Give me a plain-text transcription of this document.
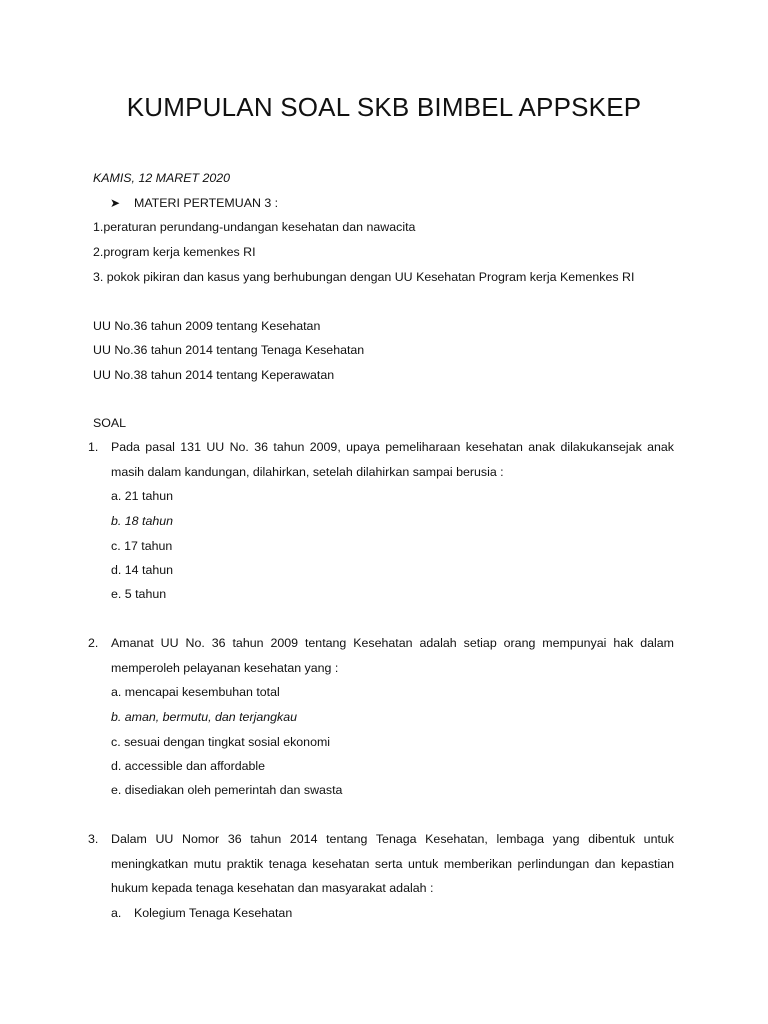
KUMPULAN SOAL SKB BIMBEL APPSKEP
KAMIS, 12 MARET 2020
➤ MATERI PERTEMUAN 3 :
1.peraturan perundang-undangan kesehatan dan nawacita
2.program kerja kemenkes RI
3. pokok pikiran dan kasus yang berhubungan dengan UU Kesehatan Program kerja Kemenkes RI
UU No.36 tahun 2009 tentang Kesehatan
UU No.36 tahun 2014 tentang Tenaga Kesehatan
UU No.38 tahun 2014 tentang Keperawatan
SOAL
1. Pada pasal 131 UU No. 36 tahun 2009, upaya pemeliharaan kesehatan anak dilakukansejak anak masih dalam kandungan, dilahirkan, setelah dilahirkan sampai berusia :
a. 21 tahun
b. 18 tahun
c. 17 tahun
d. 14 tahun
e. 5 tahun
2. Amanat UU No. 36 tahun 2009 tentang Kesehatan adalah setiap orang mempunyai hak dalam memperoleh pelayanan kesehatan yang :
a. mencapai kesembuhan total
b. aman, bermutu, dan terjangkau
c. sesuai dengan tingkat sosial ekonomi
d. accessible dan affordable
e. disediakan oleh pemerintah dan swasta
3. Dalam UU Nomor 36 tahun 2014 tentang Tenaga Kesehatan, lembaga yang dibentuk untuk meningkatkan mutu praktik tenaga kesehatan serta untuk memberikan perlindungan dan kepastian hukum kepada tenaga kesehatan dan masyarakat adalah :
a. Kolegium Tenaga Kesehatan
